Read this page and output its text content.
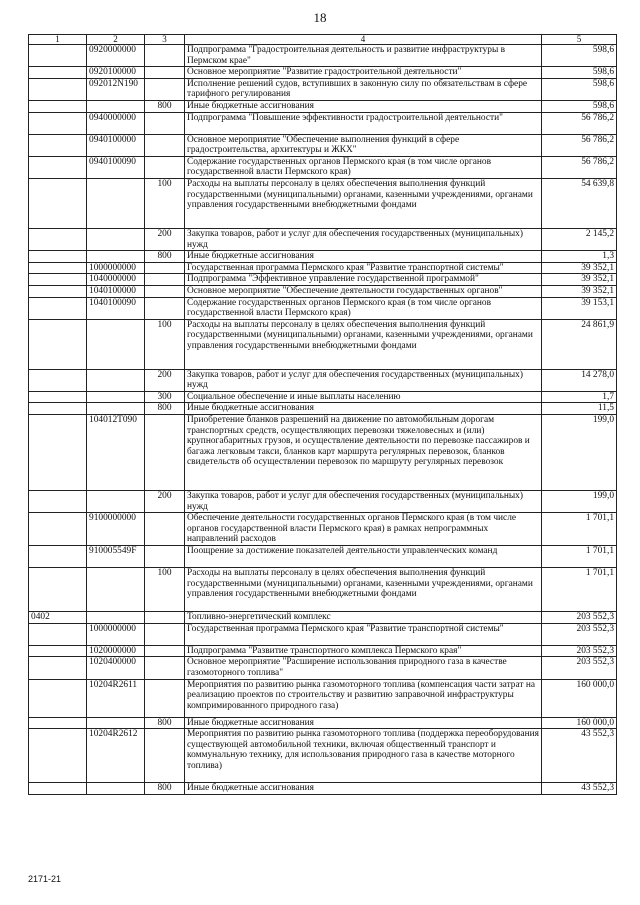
18
1	2	3	4	5
	0920000000		Подпрограмма "Градостроительная деятельность и развитие инфраструктуры в Пермском крае"	598,6
	0920100000		Основное мероприятие "Развитие градостроительной деятельности"	598,6
	092012N190		Исполнение решений судов, вступивших в законную силу по обязательствам в сфере тарифного регулирования	598,6
		800	Иные бюджетные ассигнования	598,6
	0940000000		Подпрограмма "Повышение эффективности градостроительной деятельности"	56 786,2
	0940100000		Основное мероприятие "Обеспечение выполнения функций в сфере градостроительства, архитектуры и ЖКХ"	56 786,2
	0940100090		Содержание государственных органов Пермского края (в том числе органов государственной власти Пермского края)	56 786,2
		100	Расходы на выплаты персоналу в целях обеспечения выполнения функций государственными (муниципальными) органами, казенными учреждениями, органами управления государственными внебюджетными фондами	54 639,8
		200	Закупка товаров, работ и услуг для обеспечения государственных (муниципальных) нужд	2 145,2
		800	Иные бюджетные ассигнования	1,3
	1000000000		Государственная программа Пермского края "Развитие транспортной системы"	39 352,1
	1040000000		Подпрограмма "Эффективное управление государственной программой"	39 352,1
	1040100000		Основное мероприятие "Обеспечение деятельности государственных органов"	39 352,1
	1040100090		Содержание государственных органов Пермского края (в том числе органов государственной власти Пермского края)	39 153,1
		100	Расходы на выплаты персоналу в целях обеспечения выполнения функций государственными (муниципальными) органами, казенными учреждениями, органами управления государственными внебюджетными фондами	24 861,9
		200	Закупка товаров, работ и услуг для обеспечения государственных (муниципальных) нужд	14 278,0
		300	Социальное обеспечение и иные выплаты населению	1,7
		800	Иные бюджетные ассигнования	11,5
	104012Т090		Приобретение бланков разрешений на движение по автомобильным дорогам транспортных средств, осуществляющих перевозки тяжеловесных и (или) крупногабаритных грузов, и осуществление деятельности по перевозке пассажиров и багажа легковым такси, бланков карт маршрута регулярных перевозок, бланков свидетельств об осуществлении перевозок по маршруту регулярных перевозок	199,0
		200	Закупка товаров, работ и услуг для обеспечения государственных (муниципальных) нужд	199,0
	9100000000		Обеспечение деятельности государственных органов Пермского края (в том числе органов государственной власти Пермского края) в рамках непрограммных направлений расходов	1 701,1
	910005549F		Поощрение за достижение показателей деятельности управленческих команд	1 701,1
		100	Расходы на выплаты персоналу в целях обеспечения выполнения функций государственными (муниципальными) органами, казенными учреждениями, органами управления государственными внебюджетными фондами	1 701,1
0402			Топливно-энергетический комплекс	203 552,3
	1000000000		Государственная программа Пермского края "Развитие транспортной системы"	203 552,3
	1020000000		Подпрограмма "Развитие транспортного комплекса Пермского края"	203 552,3
	1020400000		Основное мероприятие "Расширение использования природного газа в качестве газомоторного топлива"	203 552,3
	10204R2611		Мероприятия по развитию рынка газомоторного топлива (компенсация части затрат на реализацию проектов по строительству и развитию заправочной инфраструктуры компримированного природного газа)	160 000,0
		800	Иные бюджетные ассигнования	160 000,0
	10204R2612		Мероприятия по развитию рынка газомоторного топлива (поддержка переоборудования существующей автомобильной техники, включая общественный транспорт и коммунальную технику, для использования природного газа в качестве моторного топлива)	43 552,3
		800	Иные бюджетные ассигнования	43 552,3
2171-21
